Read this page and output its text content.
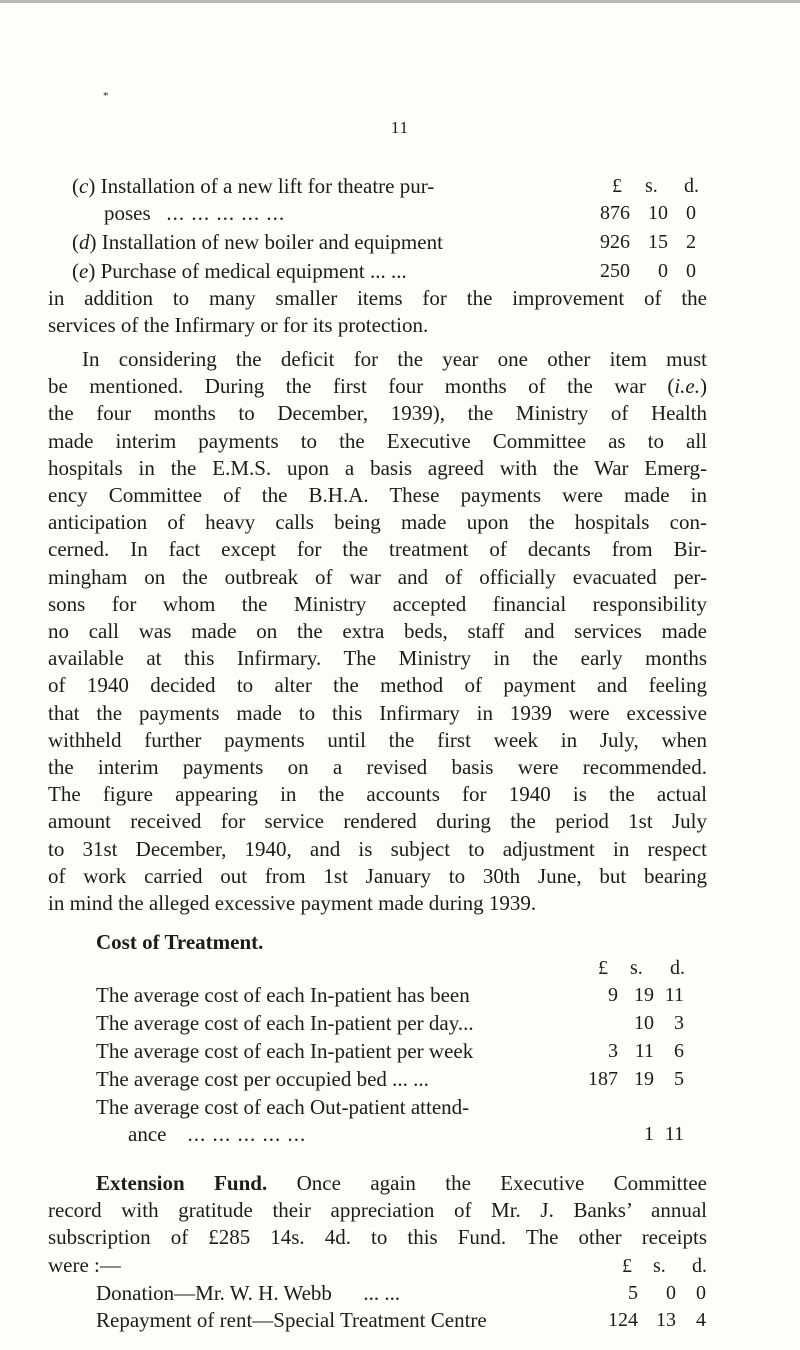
*
11
£ s. d.
(c) Installation of a new lift for theatre pur-
poses ... ... ... ... ...	876 10 0
(d) Installation of new boiler and equipment	926 15 2
(e) Purchase of medical equipment ... ...	250	0 0
in addition to many smaller items for the improvement of the
services of the Infirmary or for its protection.
In considering the deficit for the year one other item must
be mentioned. During the first four months of the war (i.e.)
the four months to December, 1939), the Ministry of Health
made interim payments to the Executive Committee as to all
hospitals in the E.M.S. upon a basis agreed with the War Emerg-
ency Committee of the B.H.A. These payments were made in
anticipation of heavy calls being made upon the hospitals con-
cerned. In fact except for the treatment of decants from Bir-
mingham on the outbreak of war and of officially evacuated per-
sons for whom the Ministry accepted financial responsibility
no call was made on the extra beds, staff and services made
available at this Infirmary. The Ministry in the early months
of 1940 decided to alter the method of payment and feeling
that the payments made to this Infirmary in 1939 were excessive
withheld further payments until the first week in July, when
the interim payments on a revised basis were recommended.
The figure appearing in the accounts for 1940 is the actual
amount received for service rendered during the period 1st July
to 31st December, 1940, and is subject to adjustment in respect
of work carried out from 1st January to 30th June, but bearing
in mind the alleged excessive payment made during 1939.
Cost of Treatment.
£ s. d.
The average cost of each In-patient has been	9 19 11
The average cost of each In-patient per day...	10	3
The average cost of each In-patient per week	3 11	6
The average cost per occupied bed ... ...	187 19	5
The average cost of each Out-patient attend-
ance ... ... ... ... ...	1 11
Extension Fund. Once again the Executive Committee
record with gratitude their appreciation of Mr. J. Banks’ annual
subscription of £285 14s. 4d. to this Fund. The other receipts
were :—	£ s. d.
Donation—Mr. W. H. Webb ... ...	5	0	0
Repayment of rent—Special Treatment Centre	124 13	4
